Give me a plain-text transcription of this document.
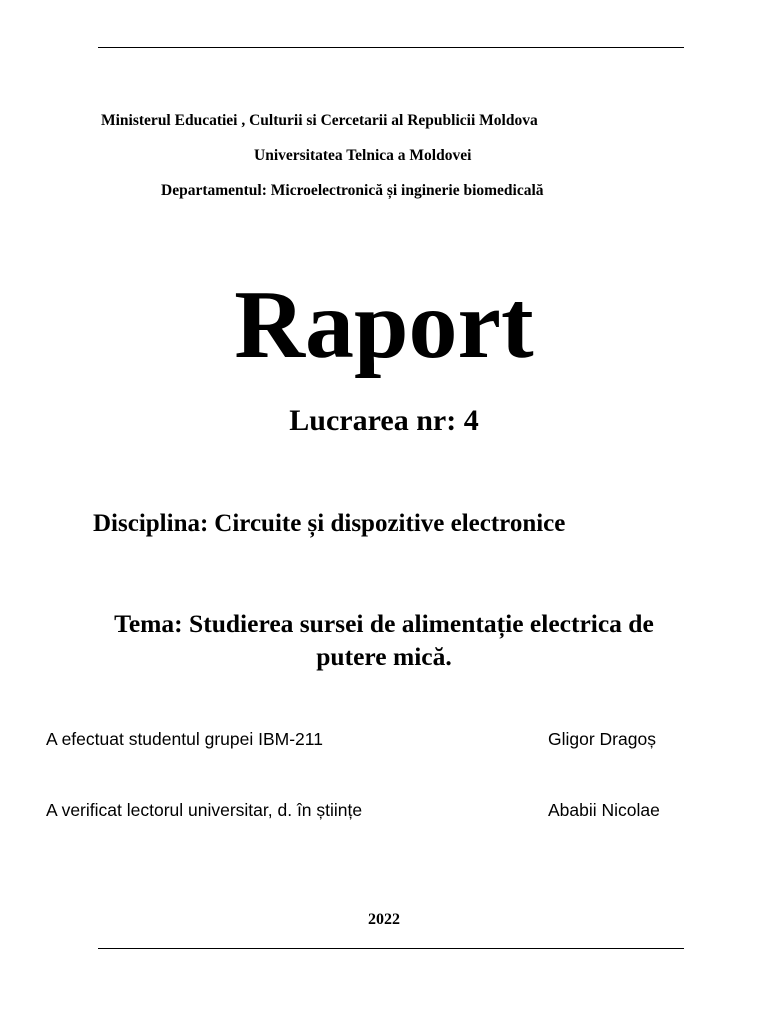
Ministerul Educatiei , Culturii si Cercetarii al Republicii Moldova

Universitatea Telnica a Moldovei

Departamentul: Microelectronică și inginerie biomedicală

Raport
Lucrarea nr: 4

Disciplina: Circuite și dispozitive electronice

Tema: Studierea sursei de alimentație electrica de
putere mică.

A efectuat studentul grupei IBM-211	Gligor Dragoș

A verificat lectorul universitar, d. în științe	Ababii Nicolae

2022
